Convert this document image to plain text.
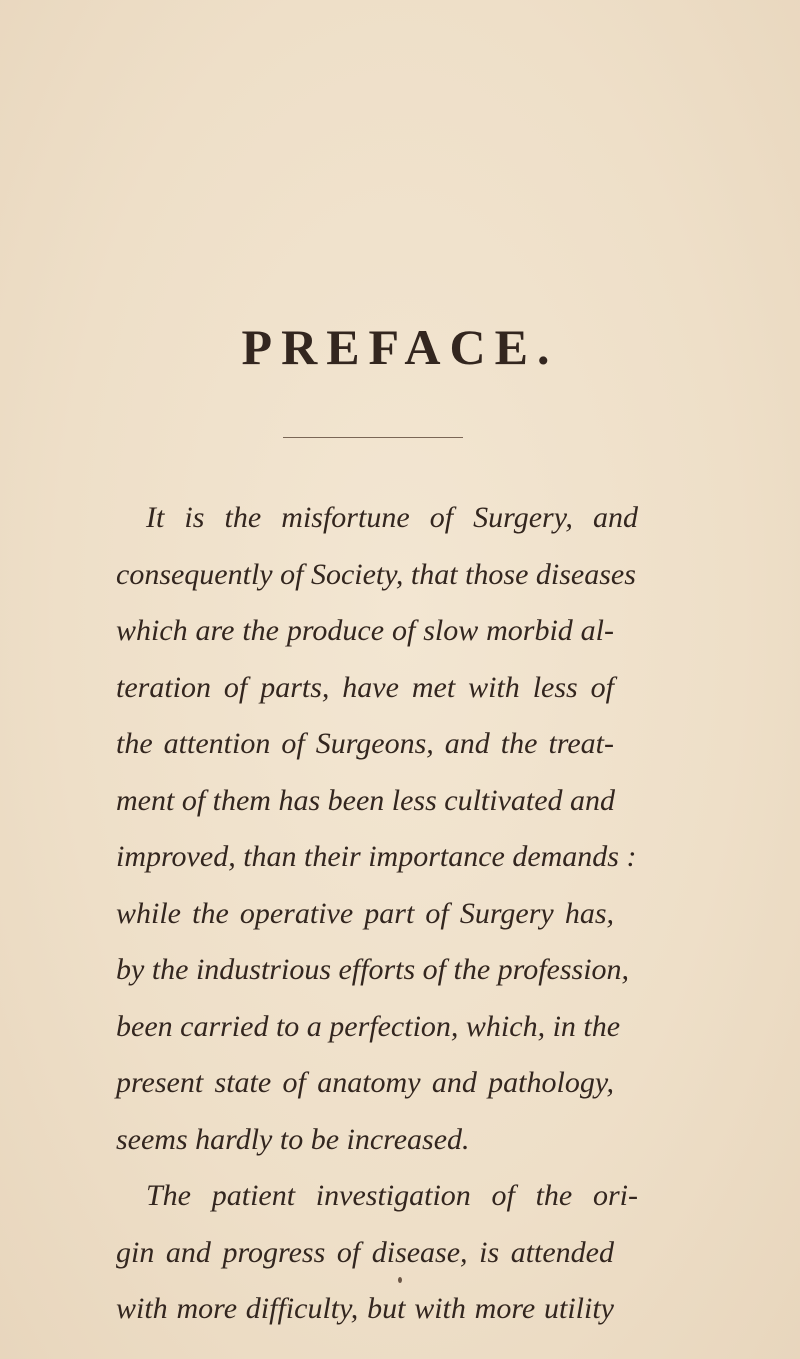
PREFACE.
It is the misfortune of Surgery, and
consequently of Society, that those diseases
which are the produce of slow morbid al-
teration of parts, have met with less of
the attention of Surgeons, and the treat-
ment of them has been less cultivated and
improved, than their importance demands :
while the operative part of Surgery has,
by the industrious efforts of the profession,
been carried to a perfection, which, in the
present state of anatomy and pathology,
seems hardly to be increased.
The patient investigation of the ori-
gin and progress of disease, is attended
with more difficulty, but with more utility
